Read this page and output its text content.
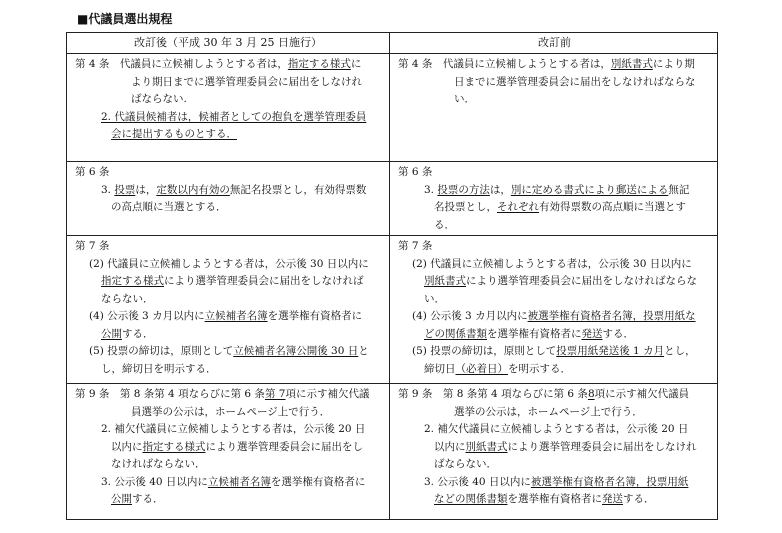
■代議員選出規程
改訂後（平成 30 年 3 月 25 日施行）	改訂前
第 4 条　代議員に立候補しようとする者は，指定する様式により期日までに選挙管理委員会に届出をしなければならない.
2. 代議員候補者は，候補者としての抱負を選挙管理委員会に提出するものとする．
第 4 条　代議員に立候補しようとする者は，別紙書式により期日までに選挙管理委員会に届出をしなければならない．
第 6 条
3. 投票は，定数以内有効の無記名投票とし，有効得票数の高点順に当選とする．
第 6 条
3. 投票の方法は，別に定める書式により郵送による無記名投票とし，それぞれ有効得票数の高点順に当選とする．
第 7 条
(2) 代議員に立候補しようとする者は，公示後 30 日以内に指定する様式により選挙管理委員会に届出をしなければならない．
(4) 公示後 3 カ月以内に立候補者名簿を選挙権有資格者に公開する．
(5) 投票の締切は，原則として立候補者名簿公開後 30 日とし，締切日を明示する．
第 7 条
(2) 代議員に立候補しようとする者は，公示後 30 日以内に別紙書式により選挙管理委員会に届出をしなければならない．
(4) 公示後 3 カ月以内に被選挙権有資格者名簿，投票用紙などの関係書類を選挙権有資格者に発送する．
(5) 投票の締切は，原則として投票用紙発送後 1 カ月とし，締切日（必着日）を明示する．
第 9 条　第 8 条第 4 項ならびに第 6 条第 7項に示す補欠代議員選挙の公示は，ホームページ上で行う．
2. 補欠代議員に立候補しようとする者は，公示後 20 日以内に指定する様式により選挙管理委員会に届出をしなければならない．
3. 公示後 40 日以内に立候補者名簿を選挙権有資格者に公開する．
第 9 条　第 8 条第 4 項ならびに第 6 条8項に示す補欠代議員選挙の公示は，ホームページ上で行う．
2. 補欠代議員に立候補しようとする者は，公示後 20 日以内に別紙書式により選挙管理委員会に届出をしなければならない．
3. 公示後 40 日以内に被選挙権有資格者名簿，投票用紙などの関係書類を選挙権有資格者に発送する．
